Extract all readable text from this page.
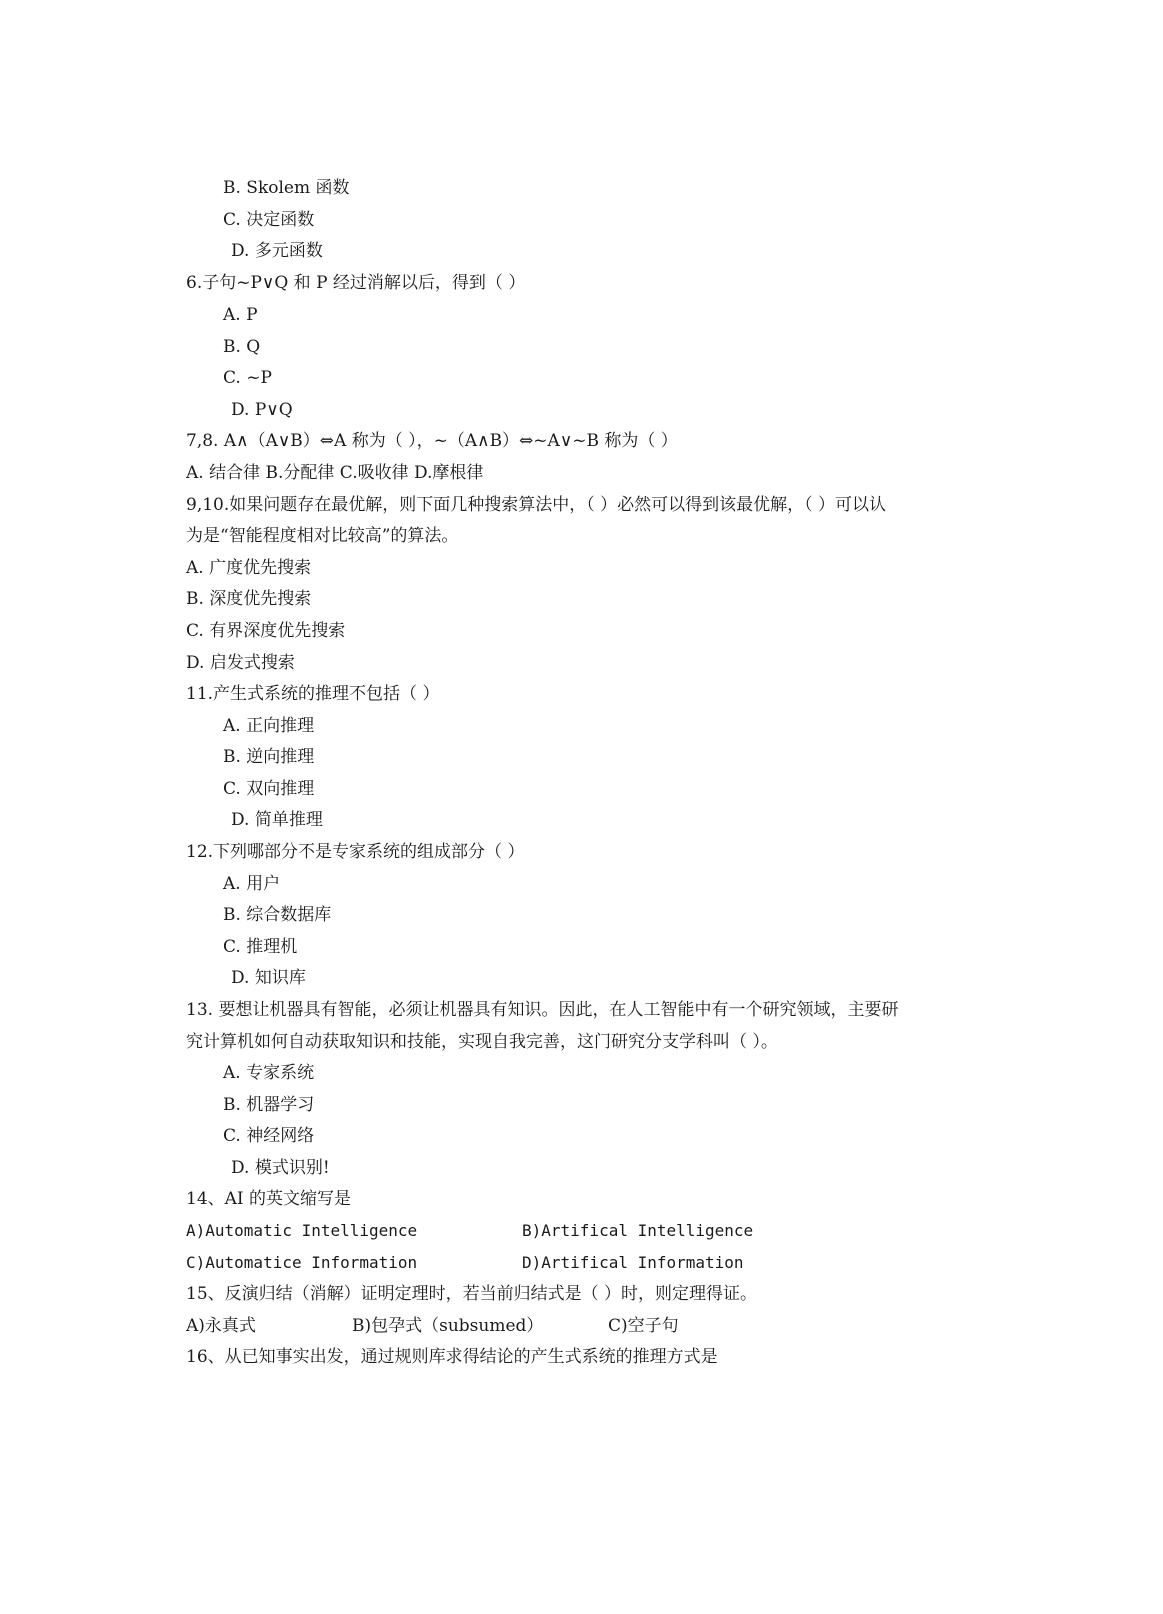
B. Skolem 函数
C. 决定函数
D. 多元函数
6.子句~P∨Q 和 P 经过消解以后，得到（ ）
A. P
B. Q
C. ~P
D. P∨Q
7,8. A∧（A∨B）⇔A 称为（ ），~（A∧B）⇔~A∨~B 称为（ ）
A. 结合律 B.分配律 C.吸收律 D.摩根律
9,10.如果问题存在最优解，则下面几种搜索算法中，（ ）必然可以得到该最优解，（ ）可以认
为是“智能程度相对比较高”的算法。
A. 广度优先搜索
B. 深度优先搜索
C. 有界深度优先搜索
D. 启发式搜索
11.产生式系统的推理不包括（ ）
A. 正向推理
B. 逆向推理
C. 双向推理
D. 简单推理
12.下列哪部分不是专家系统的组成部分（ ）
A. 用户
B. 综合数据库
C. 推理机
D. 知识库
13. 要想让机器具有智能，必须让机器具有知识。因此，在人工智能中有一个研究领域，主要研
究计算机如何自动获取知识和技能，实现自我完善，这门研究分支学科叫（ ）。
A. 专家系统
B. 机器学习
C. 神经网络
D. 模式识别!
14、AI 的英文缩写是
A)Automatic Intelligence	B)Artifical Intelligence
C)Automatice Information	D)Artifical Information
15、反演归结（消解）证明定理时，若当前归结式是（ ）时，则定理得证。
A)永真式	B)包孕式（subsumed）	C)空子句
16、从已知事实出发，通过规则库求得结论的产生式系统的推理方式是
